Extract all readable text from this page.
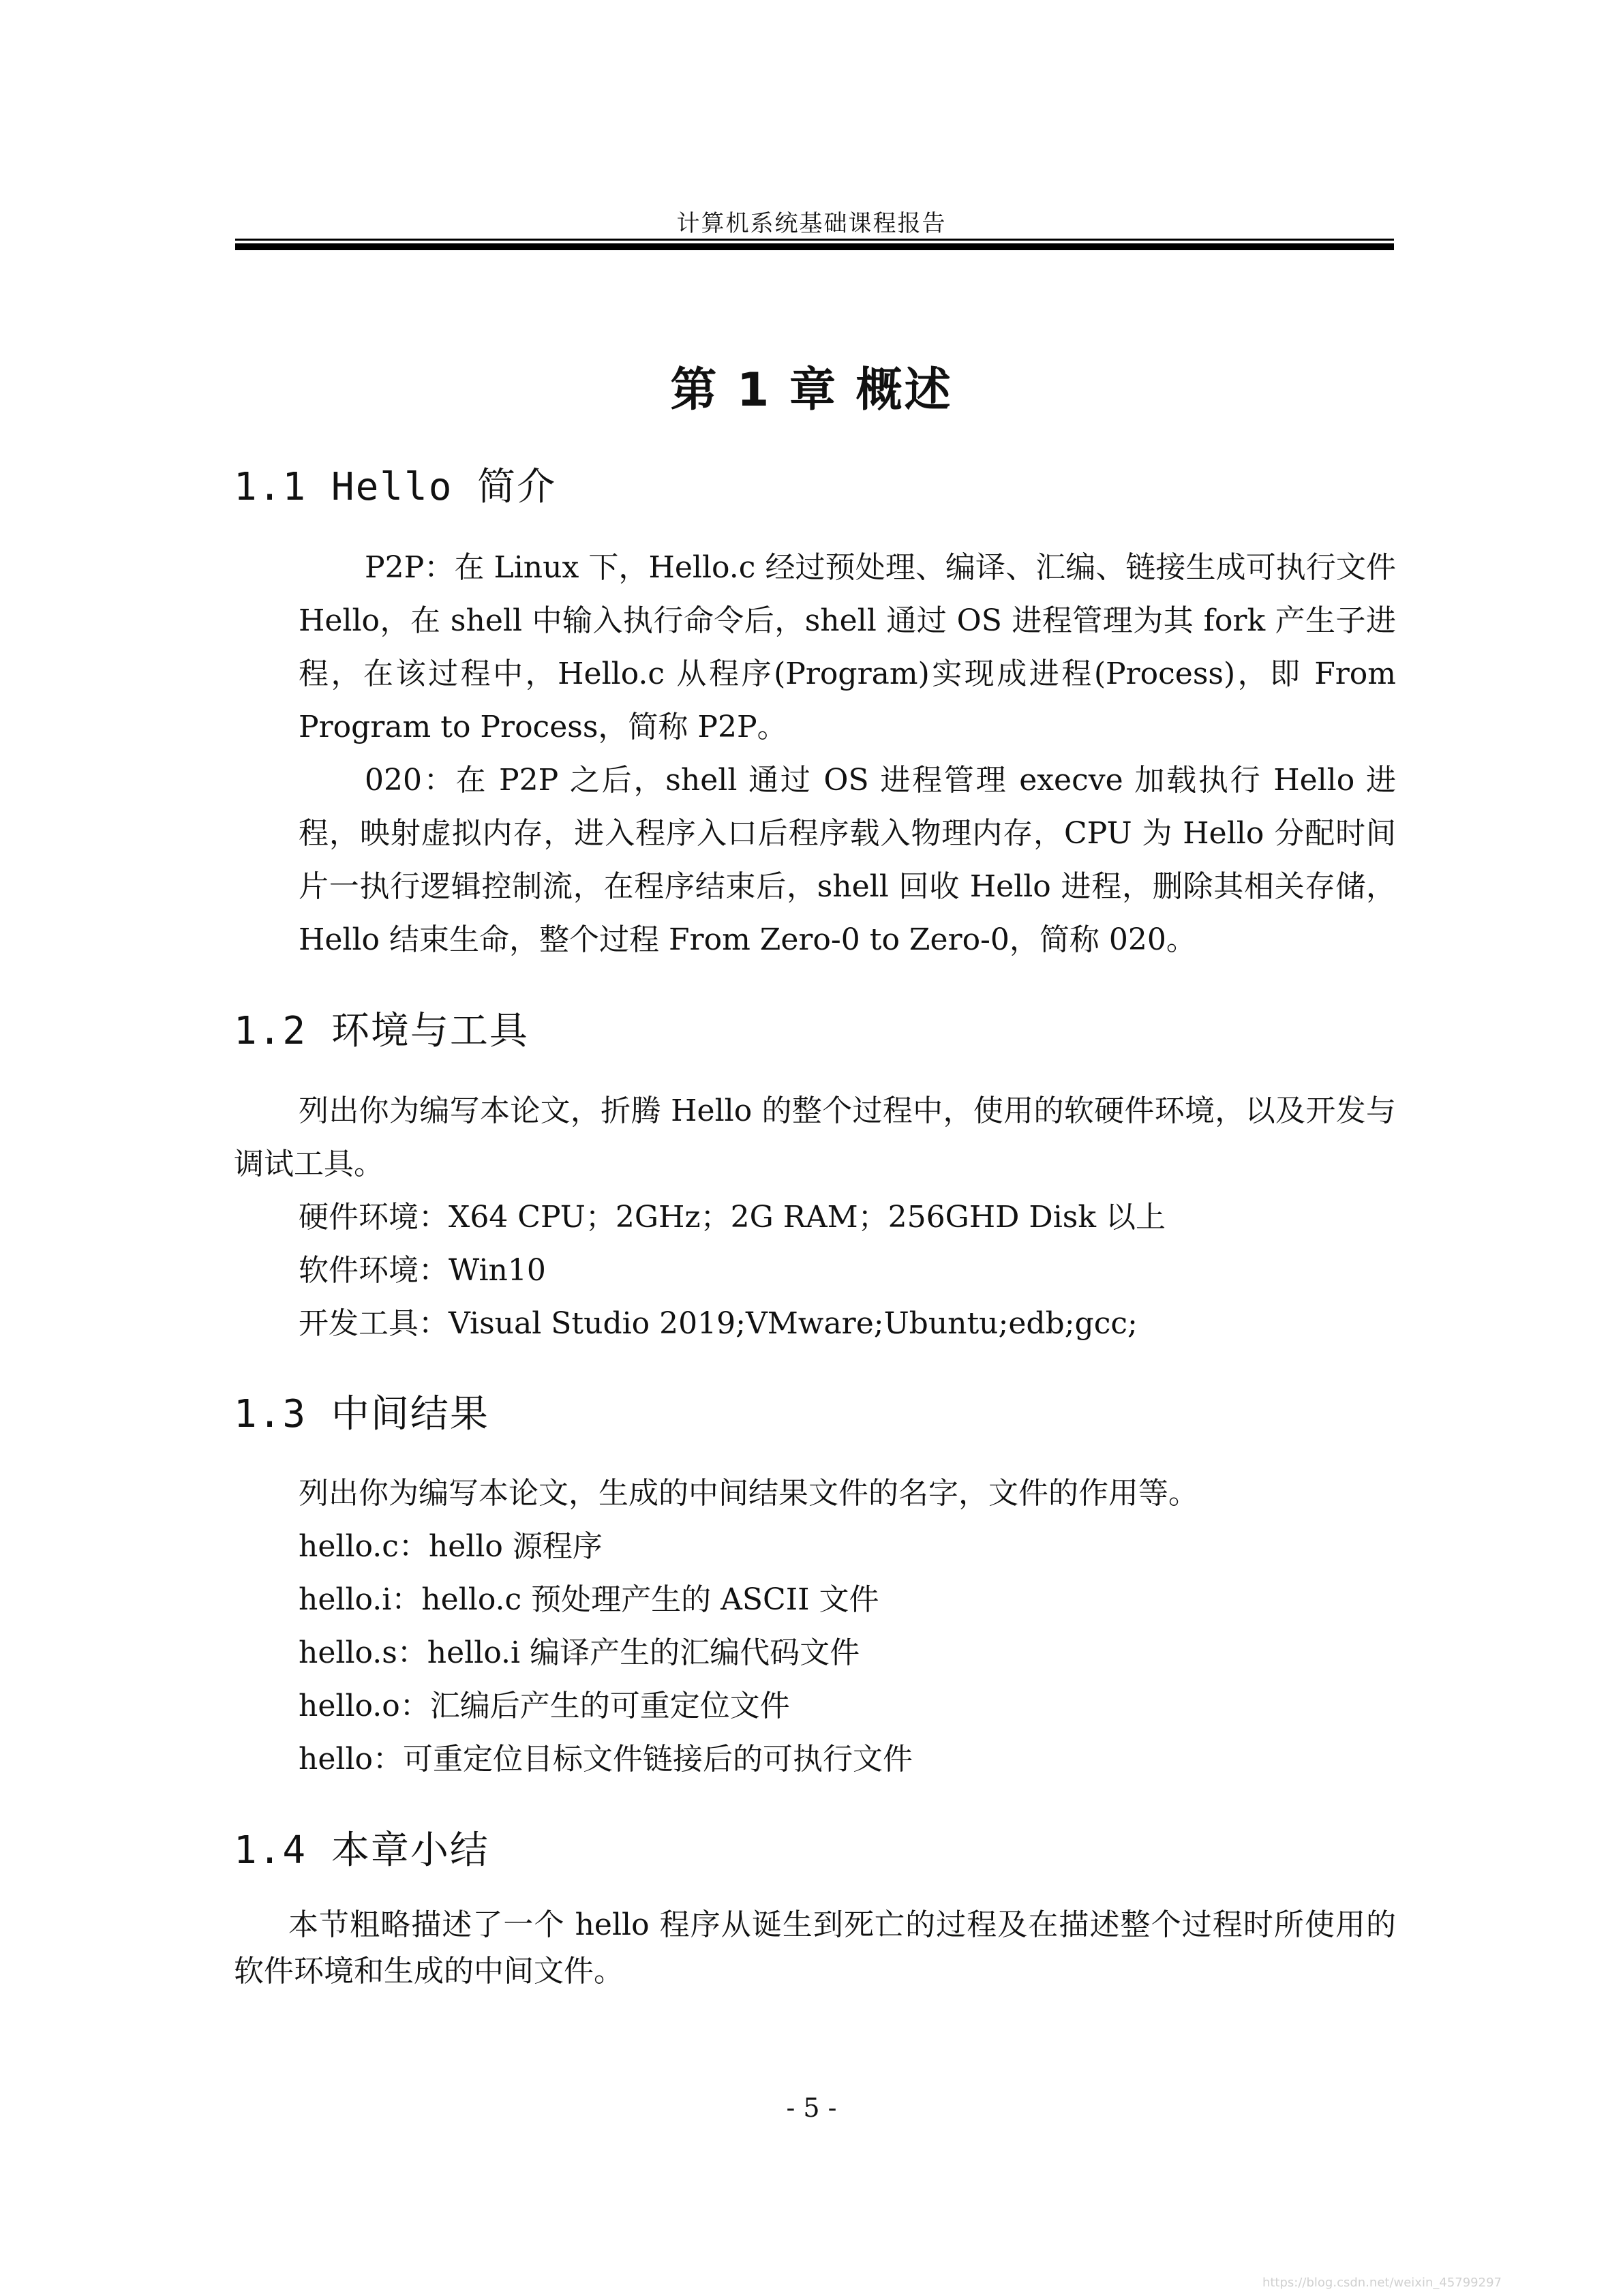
计算机系统基础课程报告
第 1 章 概述
1.1 Hello 简介
P2P：在 Linux 下，Hello.c 经过预处理、编译、汇编、链接生成可执行文件 Hello，在 shell 中输入执行命令后，shell 通过 OS 进程管理为其 fork 产生子进程，在该过程中，Hello.c 从程序(Program)实现成进程(Process)，即 From Program to Process，简称 P2P。
020：在 P2P 之后，shell 通过 OS 进程管理 execve 加载执行 Hello 进程，映射虚拟内存，进入程序入口后程序载入物理内存，CPU 为 Hello 分配时间片一执行逻辑控制流，在程序结束后，shell 回收 Hello 进程，删除其相关存储，Hello 结束生命，整个过程 From Zero-0 to Zero-0，简称 020。
1.2 环境与工具
列出你为编写本论文，折腾 Hello 的整个过程中，使用的软硬件环境，以及开发与调试工具。
硬件环境：X64 CPU；2GHz；2G RAM；256GHD Disk 以上
软件环境：Win10
开发工具：Visual Studio 2019;VMware;Ubuntu;edb;gcc;
1.3 中间结果
列出你为编写本论文，生成的中间结果文件的名字，文件的作用等。
hello.c：hello 源程序
hello.i：hello.c 预处理产生的 ASCII 文件
hello.s：hello.i 编译产生的汇编代码文件
hello.o：汇编后产生的可重定位文件
hello：可重定位目标文件链接后的可执行文件
1.4 本章小结
本节粗略描述了一个 hello 程序从诞生到死亡的过程及在描述整个过程时所使用的软件环境和生成的中间文件。
- 5 -
https://blog.csdn.net/weixin_45799297
